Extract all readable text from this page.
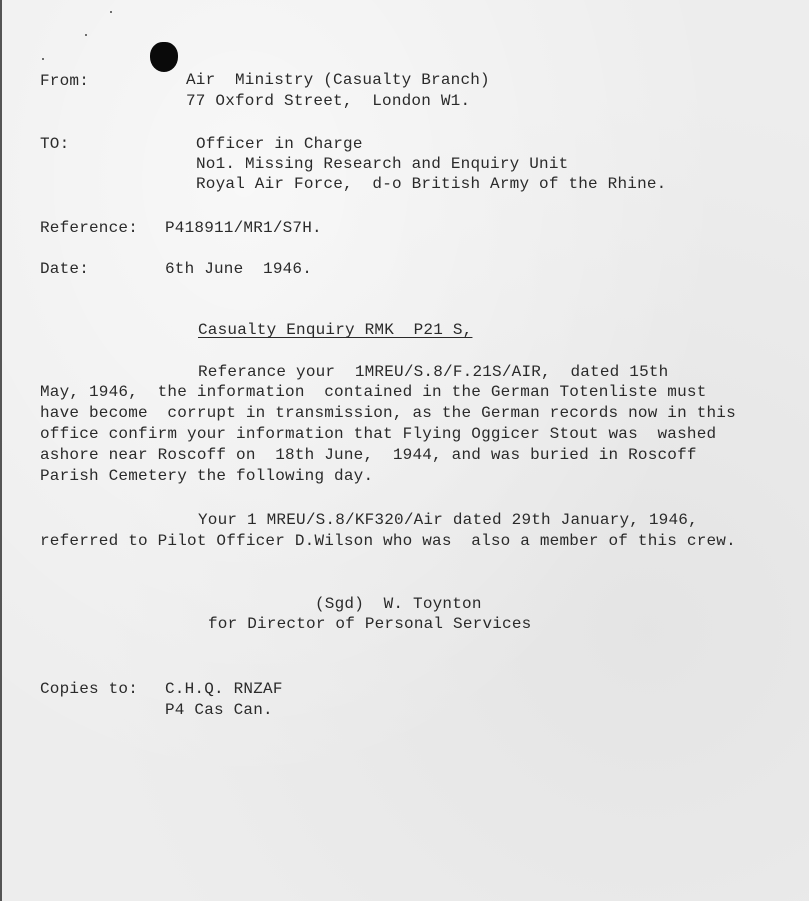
From:	Air  Ministry (Casualty Branch)
77 Oxford Street,  London W1.
TO:	Officer in Charge
No1. Missing Research and Enquiry Unit
Royal Air Force,  d-o British Army of the Rhine.
Reference: P418911/MR1/S7H.
Date:	6th June  1946.
Casualty Enquiry RMK  P21 S,
Referance your  1MREU/S.8/F.21S/AIR,  dated 15th
May, 1946,  the information  contained in the German Totenliste must
have become  corrupt in transmission, as the German records now in this
office confirm your information that Flying Oggicer Stout was  washed
ashore near Roscoff on  18th June,  1944, and was buried in Roscoff
Parish Cemetery the following day.
Your 1 MREU/S.8/KF320/Air dated 29th January, 1946,
referred to Pilot Officer D.Wilson who was  also a member of this crew.
(Sgd)  W. Toynton
for Director of Personal Services
Copies to: C.H.Q. RNZAF
P4 Cas Can.
